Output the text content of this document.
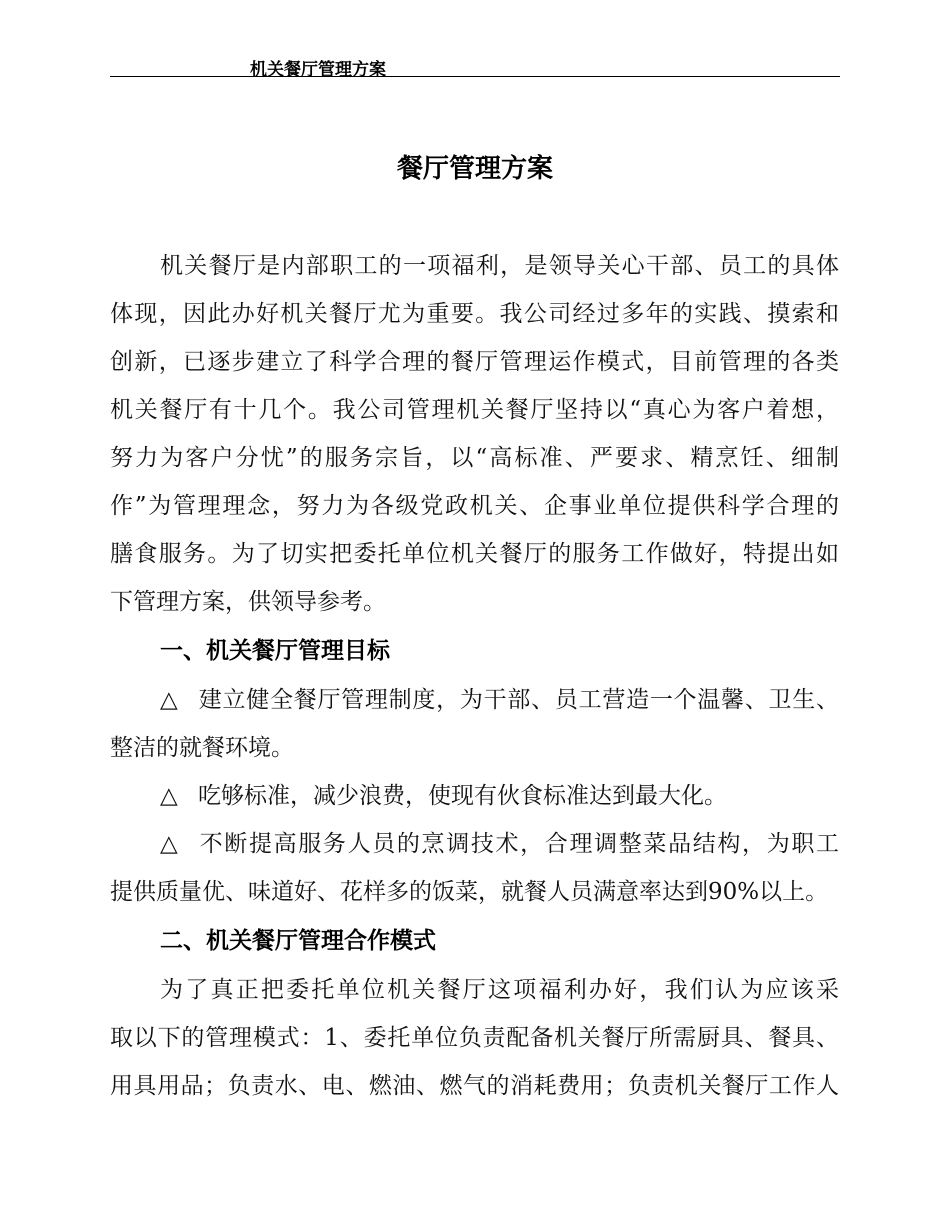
机关餐厅管理方案
餐厅管理方案
机关餐厅是内部职工的一项福利，是领导关心干部、员工的具体
体现，因此办好机关餐厅尤为重要。我公司经过多年的实践、摸索和
创新，已逐步建立了科学合理的餐厅管理运作模式，目前管理的各类
机关餐厅有十几个。我公司管理机关餐厅坚持以“真心为客户着想，
努力为客户分忧”的服务宗旨，以“高标准、严要求、精烹饪、细制
作”为管理理念，努力为各级党政机关、企事业单位提供科学合理的
膳食服务。为了切实把委托单位机关餐厅的服务工作做好，特提出如
下管理方案，供领导参考。
一、机关餐厅管理目标
△ 建立健全餐厅管理制度，为干部、员工营造一个温馨、卫生、
整洁的就餐环境。
△ 吃够标准，减少浪费，使现有伙食标准达到最大化。
△ 不断提高服务人员的烹调技术，合理调整菜品结构，为职工
提供质量优、味道好、花样多的饭菜，就餐人员满意率达到90%以上。
二、机关餐厅管理合作模式
为了真正把委托单位机关餐厅这项福利办好，我们认为应该采
取以下的管理模式：1、委托单位负责配备机关餐厅所需厨具、餐具、
用具用品；负责水、电、燃油、燃气的消耗费用；负责机关餐厅工作人
